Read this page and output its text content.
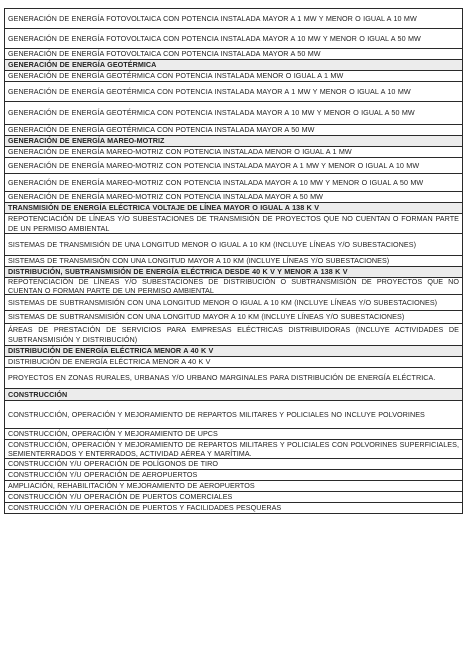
GENERACIÓN DE ENERGÍA FOTOVOLTAICA CON POTENCIA INSTALADA MAYOR A 1 MW Y MENOR O IGUAL A 10 MW
GENERACIÓN DE ENERGÍA FOTOVOLTAICA CON POTENCIA INSTALADA MAYOR A 10 MW Y MENOR O IGUAL A 50 MW
GENERACIÓN DE ENERGÍA FOTOVOLTAICA CON POTENCIA INSTALADA MAYOR A 50 MW
GENERACIÓN DE ENERGÍA GEOTÉRMICA
GENERACIÓN DE ENERGÍA GEOTÉRMICA CON POTENCIA INSTALADA MENOR O IGUAL A 1 MW
GENERACIÓN DE ENERGÍA GEOTÉRMICA CON POTENCIA INSTALADA MAYOR A 1 MW Y MENOR O IGUAL A 10 MW
GENERACIÓN DE ENERGÍA GEOTÉRMICA CON POTENCIA INSTALADA MAYOR A 10 MW Y MENOR O IGUAL A 50 MW
GENERACIÓN DE ENERGÍA GEOTÉRMICA CON POTENCIA INSTALADA MAYOR A 50 MW
GENERACIÓN DE ENERGÍA MAREO-MOTRIZ
GENERACIÓN DE ENERGÍA MAREO-MOTRIZ CON POTENCIA INSTALADA MENOR O IGUAL A 1 MW
GENERACIÓN DE ENERGÍA MAREO-MOTRIZ CON POTENCIA INSTALADA MAYOR A 1 MW Y MENOR O IGUAL A 10 MW
GENERACIÓN DE ENERGÍA MAREO-MOTRIZ CON POTENCIA INSTALADA MAYOR A 10 MW Y MENOR O IGUAL A 50 MW
GENERACIÓN DE ENERGÍA MAREO-MOTRIZ CON POTENCIA INSTALADA MAYOR A 50 MW
TRANSMISIÓN DE ENERGÍA ELÉCTRICA VOLTAJE DE LÍNEA MAYOR O IGUAL A 138 K V
REPOTENCIACIÓN DE LÍNEAS Y/O SUBESTACIONES DE TRANSMISIÓN DE PROYECTOS QUE NO CUENTAN O FORMAN PARTE DE UN PERMISO AMBIENTAL
SISTEMAS DE TRANSMISIÓN DE UNA LONGITUD MENOR O IGUAL A 10 KM (INCLUYE LÍNEAS Y/O SUBESTACIONES)
SISTEMAS DE TRANSMISIÓN CON UNA LONGITUD MAYOR A 10 KM (INCLUYE LÍNEAS Y/O SUBESTACIONES)
DISTRIBUCIÓN, SUBTRANSMISIÓN DE ENERGÍA ELÉCTRICA DESDE 40 K V Y MENOR A 138 K V
REPOTENCIACIÓN DE LÍNEAS Y/O SUBESTACIONES DE DISTRIBUCIÓN O SUBTRANSMISIÓN DE PROYECTOS QUE NO CUENTAN O FORMAN PARTE DE UN PERMISO AMBIENTAL
SISTEMAS DE SUBTRANSMISIÓN CON UNA LONGITUD MENOR O IGUAL A 10 KM (INCLUYE LÍNEAS Y/O SUBESTACIONES)
SISTEMAS DE SUBTRANSMISIÓN CON UNA LONGITUD MAYOR A 10 KM (INCLUYE LÍNEAS Y/O SUBESTACIONES)
ÁREAS DE PRESTACIÓN DE SERVICIOS PARA EMPRESAS ELÉCTRICAS DISTRIBUIDORAS (INCLUYE ACTIVIDADES DE SUBTRANSMISIÓN Y DISTRIBUCIÓN)
DISTRIBUCIÓN DE ENERGÍA ELÉCTRICA MENOR A 40 K V
DISTRIBUCIÓN DE ENERGÍA ELÉCTRICA MENOR A 40 K V
PROYECTOS EN ZONAS RURALES, URBANAS Y/O URBANO MARGINALES PARA DISTRIBUCIÓN DE ENERGÍA ELÉCTRICA.
CONSTRUCCIÓN
CONSTRUCCIÓN, OPERACIÓN Y MEJORAMIENTO DE REPARTOS MILITARES Y POLICIALES NO INCLUYE POLVORINES
CONSTRUCCIÓN, OPERACIÓN Y MEJORAMIENTO DE UPCS
CONSTRUCCIÓN, OPERACIÓN Y MEJORAMIENTO DE REPARTOS MILITARES Y POLICIALES CON POLVORINES SUPERFICIALES, SEMIENTERRADOS Y ENTERRADOS, ACTIVIDAD AÉREA Y MARÍTIMA.
CONSTRUCCIÓN Y/U OPERACIÓN DE POLÍGONOS DE TIRO
CONSTRUCCIÓN Y/U OPERACIÓN DE AEROPUERTOS
AMPLIACIÓN, REHABILITACIÓN Y MEJORAMIENTO DE AEROPUERTOS
CONSTRUCCIÓN Y/U OPERACIÓN DE PUERTOS COMERCIALES
CONSTRUCCIÓN Y/U OPERACIÓN DE PUERTOS Y FACILIDADES PESQUERAS
